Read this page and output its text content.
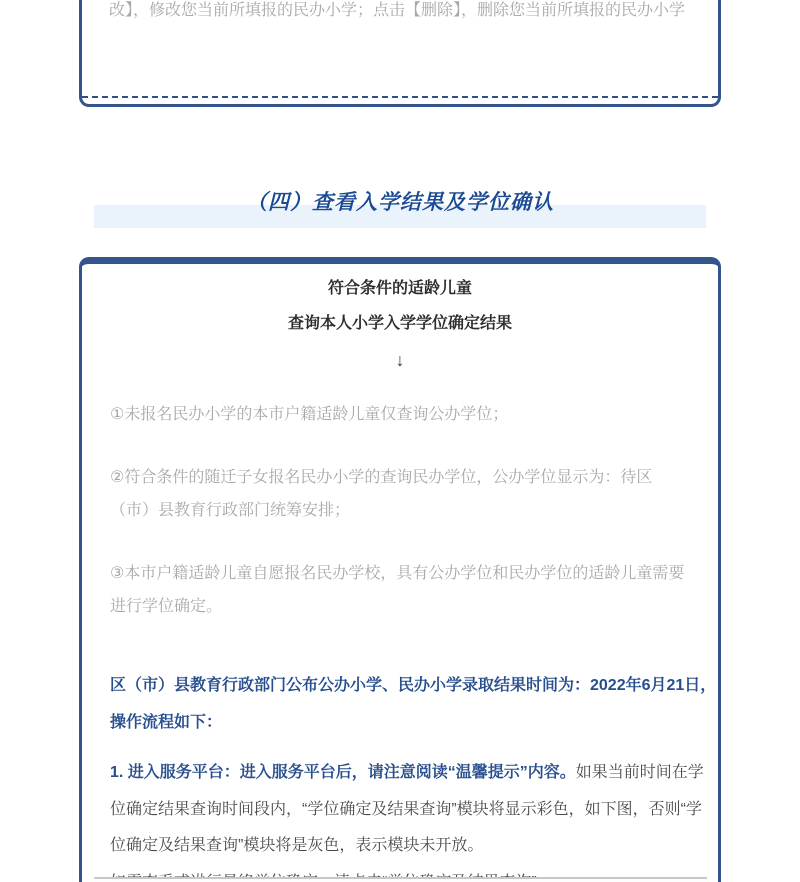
改】，修改您当前所填报的民办小学；点击【删除】，删除您当前所填报的民办小学

（四）查看入学结果及学位确认

符合条件的适龄儿童

查询本人小学入学学位确定结果

↓

①未报名民办小学的本市户籍适龄儿童仅查询公办学位；

②符合条件的随迁子女报名民办小学的查询民办学位，公办学位显示为：待区（市）县教育行政部门统筹安排；

③本市户籍适龄儿童自愿报名民办学校，具有公办学位和民办学位的适龄儿童需要进行学位确定。

区（市）县教育行政部门公布公办小学、民办小学录取结果时间为：2022年6月21日，操作流程如下：

1. 进入服务平台：进入服务平台后，请注意阅读“温馨提示”内容。如果当前时间在学位确定结果查询时间段内，“学位确定及结果查询”模块将显示彩色，如下图，否则“学位确定及结果查询”模块将是灰色，表示模块未开放。
